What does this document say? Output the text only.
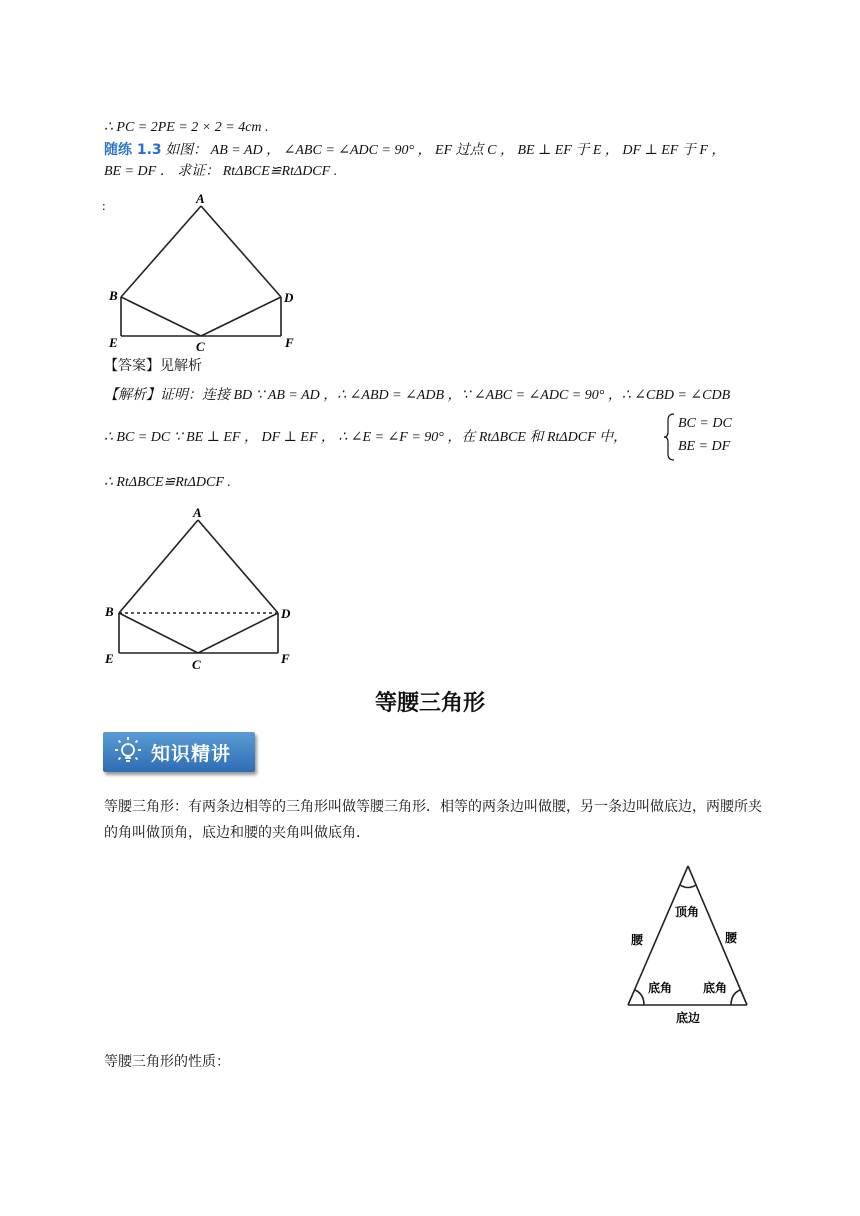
∴ PC = 2PE = 2 × 2 = 4cm .
随练 1.3 如图： AB = AD ， ∠ABC = ∠ADC = 90° ， EF 过点 C ， BE ⊥ EF 于 E ， DF ⊥ EF 于 F ，
BE = DF ． 求证： RtΔBCE≌RtΔDCF .
:	A
B	D
E	C	F
【答案】见解析
【解析】证明：连接 BD ∵ AB = AD ，∴ ∠ABD = ∠ADB ，∵ ∠ABC = ∠ADC = 90° ，∴ ∠CBD = ∠CDB
∴ BC = DC ∵ BE ⊥ EF ， DF ⊥ EF ， ∴ ∠E = ∠F = 90° ，在 RtΔBCE 和 RtΔDCF 中，
BC = DC
BE = DF
∴ RtΔBCE≌RtΔDCF .
A
B	D
E	C	F
等腰三角形
知识精讲
等腰三角形：有两条边相等的三角形叫做等腰三角形．相等的两条边叫做腰，另一条边叫做底边，两腰所夹的角叫做顶角，底边和腰的夹角叫做底角．
顶角
腰	腰
底角	底角
底边
等腰三角形的性质：
